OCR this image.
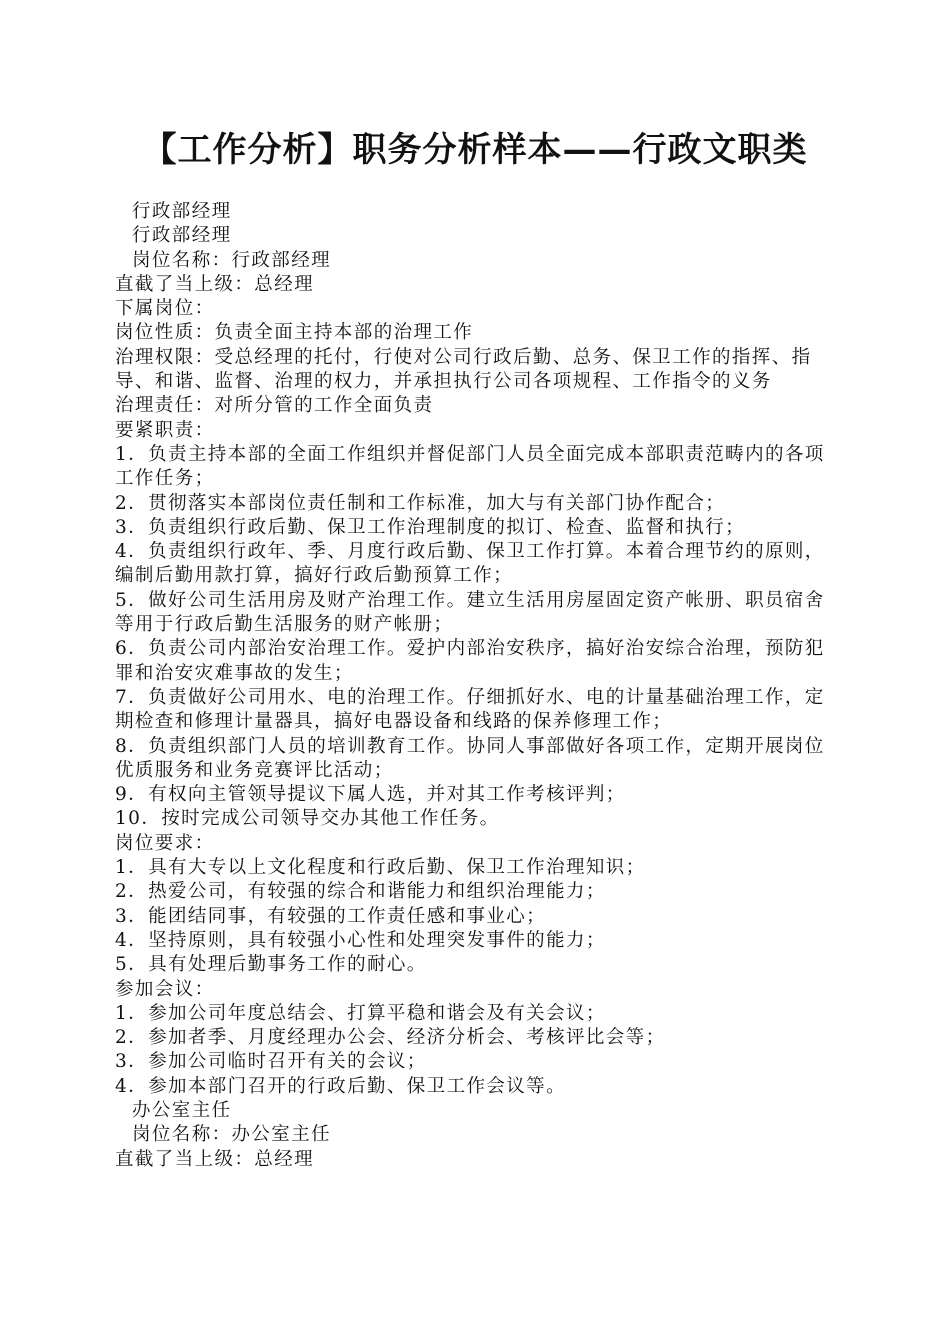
【工作分析】职务分析样本——行政文职类
行政部经理
行政部经理
岗位名称：行政部经理
直截了当上级：总经理
下属岗位：
岗位性质：负责全面主持本部的治理工作
治理权限：受总经理的托付，行使对公司行政后勤、总务、保卫工作的指挥、指导、和谐、监督、治理的权力，并承担执行公司各项规程、工作指令的义务
治理责任：对所分管的工作全面负责
要紧职责：
1．负责主持本部的全面工作组织并督促部门人员全面完成本部职责范畴内的各项工作任务；
2．贯彻落实本部岗位责任制和工作标准，加大与有关部门协作配合；
3．负责组织行政后勤、保卫工作治理制度的拟订、检查、监督和执行；
4．负责组织行政年、季、月度行政后勤、保卫工作打算。本着合理节约的原则，编制后勤用款打算，搞好行政后勤预算工作；
5．做好公司生活用房及财产治理工作。建立生活用房屋固定资产帐册、职员宿舍等用于行政后勤生活服务的财产帐册；
6．负责公司内部治安治理工作。爱护内部治安秩序，搞好治安综合治理，预防犯罪和治安灾难事故的发生；
7．负责做好公司用水、电的治理工作。仔细抓好水、电的计量基础治理工作，定期检查和修理计量器具，搞好电器设备和线路的保养修理工作；
8．负责组织部门人员的培训教育工作。协同人事部做好各项工作，定期开展岗位优质服务和业务竞赛评比活动；
9．有权向主管领导提议下属人选，并对其工作考核评判；
10．按时完成公司领导交办其他工作任务。
岗位要求：
1．具有大专以上文化程度和行政后勤、保卫工作治理知识；
2．热爱公司，有较强的综合和谐能力和组织治理能力；
3．能团结同事，有较强的工作责任感和事业心；
4．坚持原则，具有较强小心性和处理突发事件的能力；
5．具有处理后勤事务工作的耐心。
参加会议：
1．参加公司年度总结会、打算平稳和谐会及有关会议；
2．参加者季、月度经理办公会、经济分析会、考核评比会等；
3．参加公司临时召开有关的会议；
4．参加本部门召开的行政后勤、保卫工作会议等。
办公室主任
岗位名称：办公室主任
直截了当上级：总经理
